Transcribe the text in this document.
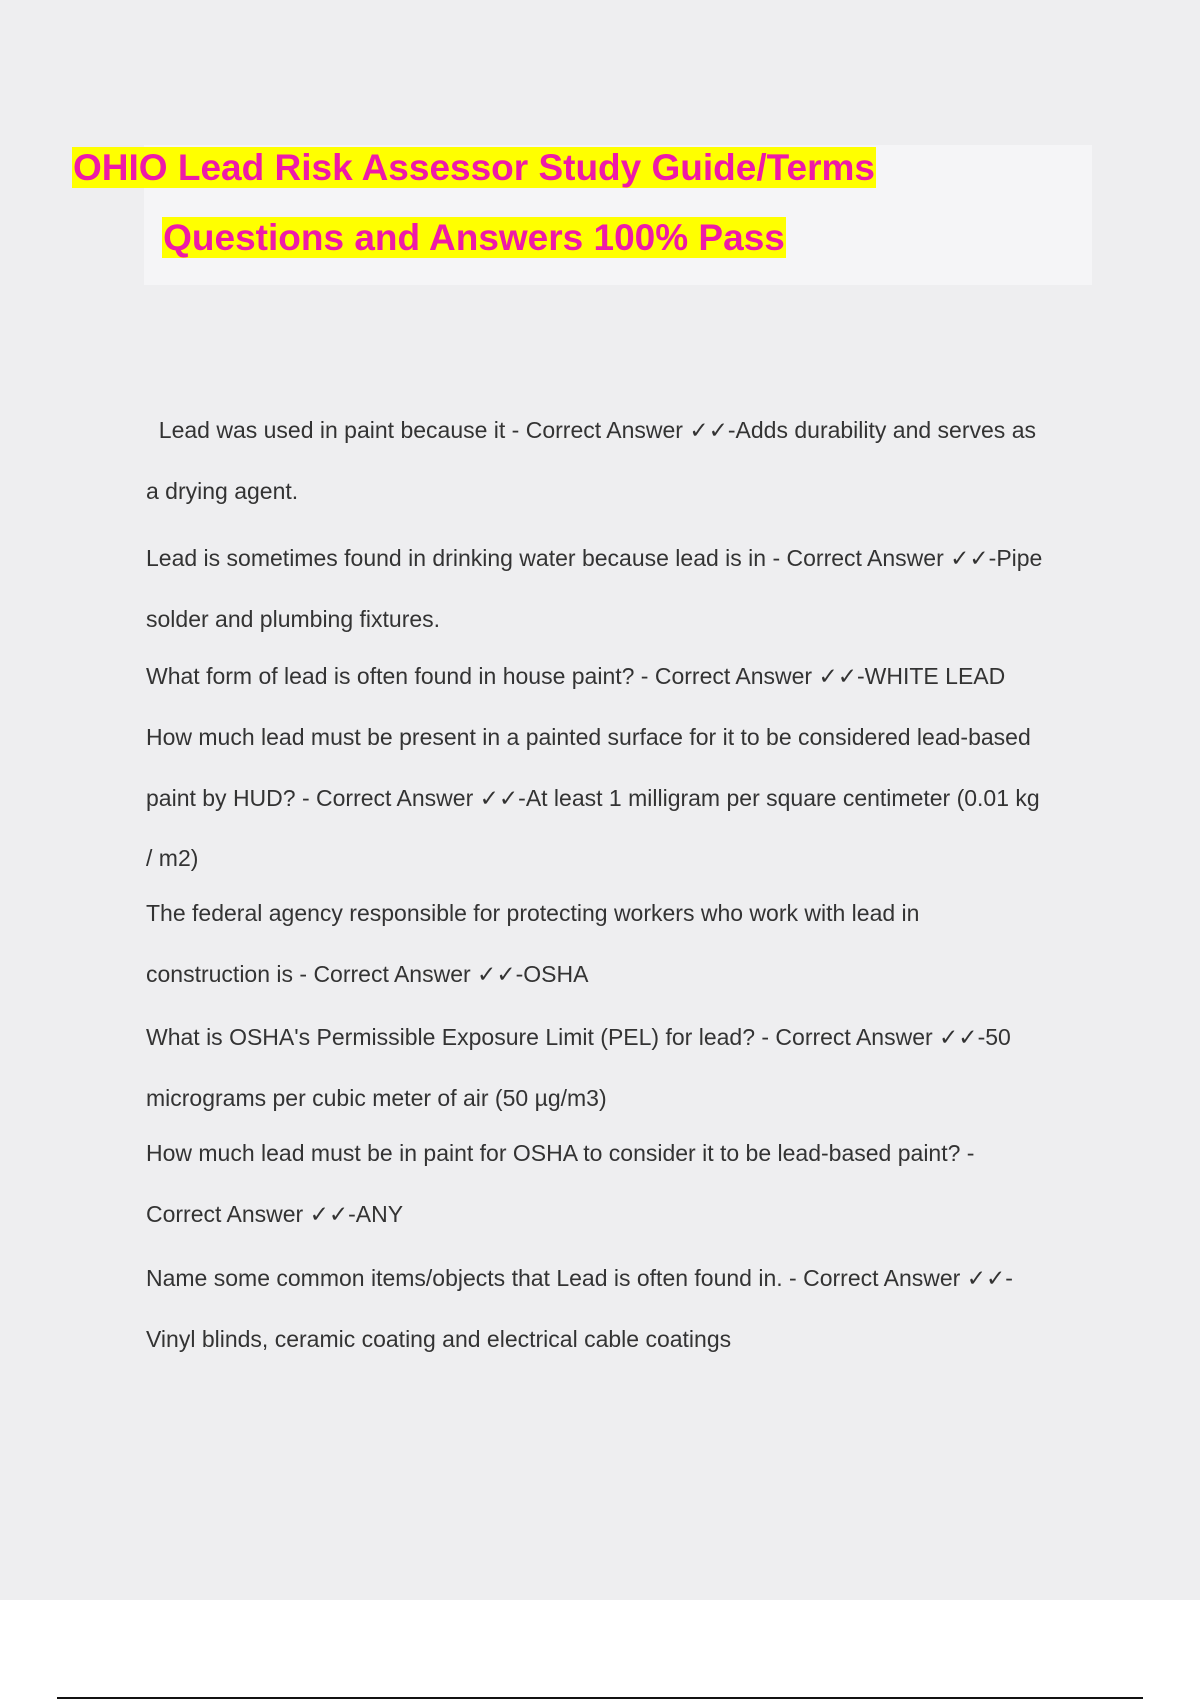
OHIO Lead Risk Assessor Study Guide/Terms
Questions and Answers 100% Pass
Lead was used in paint because it - Correct Answer ✓✓-Adds durability and serves as
a drying agent.
Lead is sometimes found in drinking water because lead is in - Correct Answer ✓✓-Pipe
solder and plumbing fixtures.
What form of lead is often found in house paint? - Correct Answer ✓✓-WHITE LEAD
How much lead must be present in a painted surface for it to be considered lead-based
paint by HUD? - Correct Answer ✓✓-At least 1 milligram per square centimeter (0.01 kg
/ m2)
The federal agency responsible for protecting workers who work with lead in
construction is - Correct Answer ✓✓-OSHA
What is OSHA's Permissible Exposure Limit (PEL) for lead? - Correct Answer ✓✓-50
micrograms per cubic meter of air (50 µg/m3)
How much lead must be in paint for OSHA to consider it to be lead-based paint? -
Correct Answer ✓✓-ANY
Name some common items/objects that Lead is often found in. - Correct Answer ✓✓-
Vinyl blinds, ceramic coating and electrical cable coatings
